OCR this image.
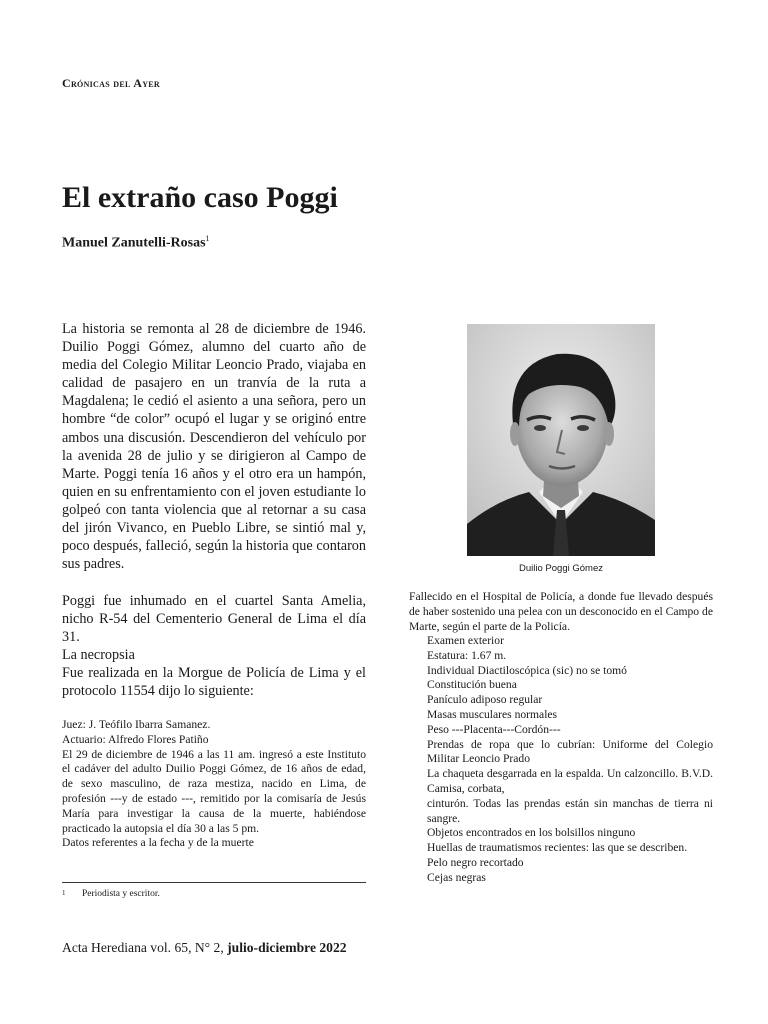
Crónicas del Ayer
El extraño caso Poggi
Manuel Zanutelli-Rosas$^1$

La historia se remonta al 28 de diciembre de 1946. Duilio Poggi Gómez, alumno del cuarto año de media del Colegio Militar Leoncio Prado, viajaba en calidad de pasajero en un tranvía de la ruta a Magdalena; le cedió el asiento a una señora, pero un hombre “de color” ocupó el lugar y se originó entre ambos una discusión. Descendieron del vehículo por la avenida 28 de julio y se dirigieron al Campo de Marte. Poggi tenía 16 años y el otro era un hampón, quien en su enfrentamiento con el joven estudiante lo golpeó con tanta violencia que al retornar a su casa del jirón Vivanco, en Pueblo Libre, se sintió mal y, poco después, falleció, según la historia que contaron sus padres.

Poggi fue inhumado en el cuartel Santa Amelia, nicho R-54 del Cementerio General de Lima el día 31.
La necropsia
Fue realizada en la Morgue de Policía de Lima y el protocolo 11554 dijo lo siguiente:
Juez: J. Teófilo Ibarra Samanez.
Actuario: Alfredo Flores Patiño
El 29 de diciembre de 1946 a las 11 am. ingresó a este Instituto el cadáver del adulto Duilio Poggi Gómez, de 16 años de edad, de sexo masculino, de raza mestiza, nacido en Lima, de profesión ---y de estado ---, remitido por la comisaría de Jesús María para investigar la causa de la muerte, habiéndose practicado la autopsia el día 30 a las 5 pm.
Datos referentes a la fecha y de la muerte
1 Periodista y escritor.
Acta Herediana vol. 65, N° 2, julio-diciembre 2022
Duilio Poggi Gómez
Fallecido en el Hospital de Policía, a donde fue llevado después de haber sostenido una pelea con un desconocido en el Campo de Marte, según el parte de la Policía.
Examen exterior
Estatura: 1.67 m.
Individual Diactiloscópica (sic) no se tomó
Constitución buena
Panículo adiposo regular
Masas musculares normales
Peso ---Placenta---Cordón---
Prendas de ropa que lo cubrían: Uniforme del Colegio Militar Leoncio Prado
La chaqueta desgarrada en la espalda. Un calzoncillo. B.V.D. Camisa, corbata,
cinturón. Todas las prendas están sin manchas de tierra ni sangre.
Objetos encontrados en los bolsillos ninguno
Huellas de traumatismos recientes: las que se describen.
Pelo negro recortado
Cejas negras
